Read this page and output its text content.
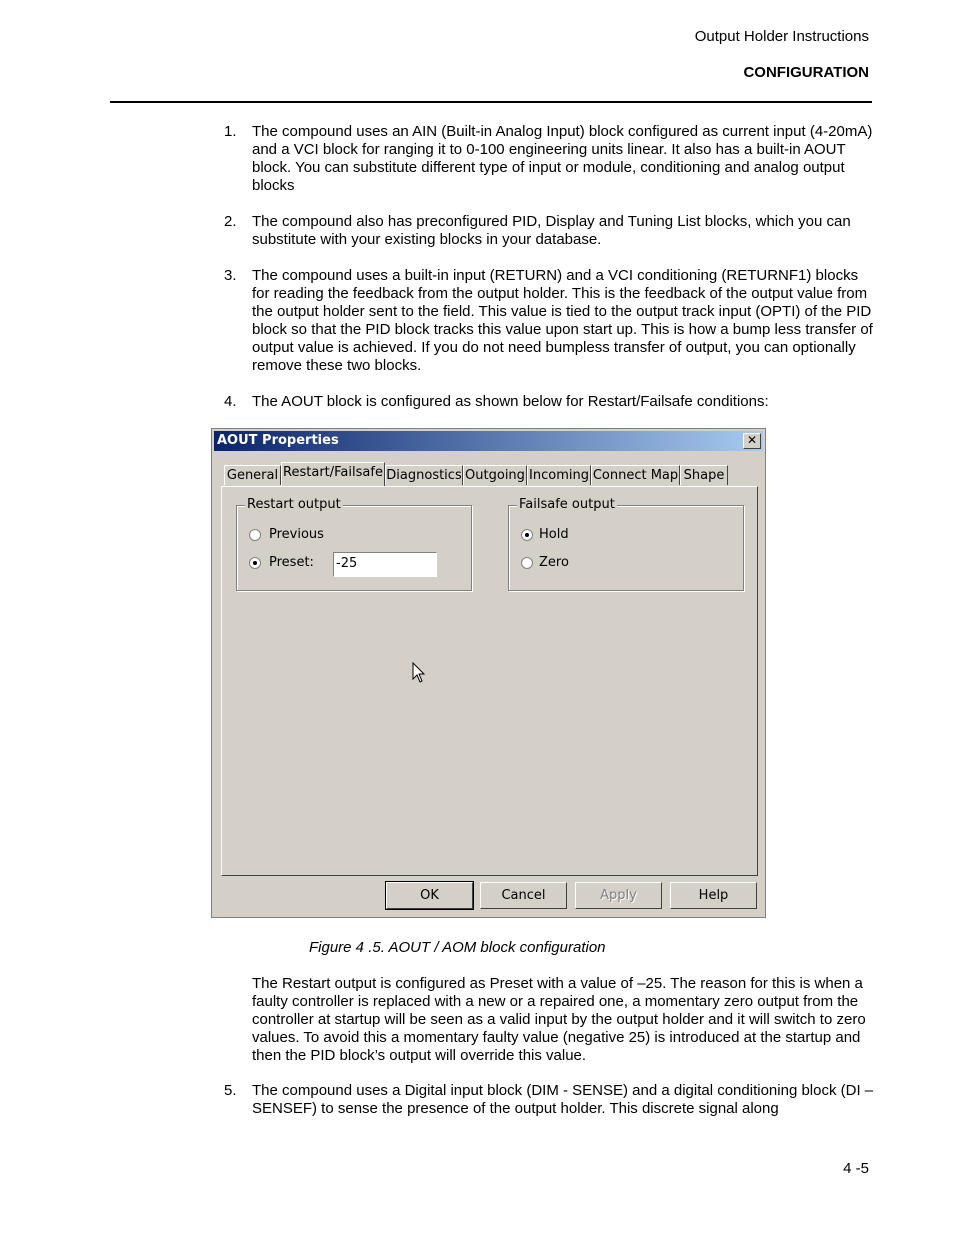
Output Holder Instructions
CONFIGURATION
1.	The compound uses an AIN (Built-in Analog Input) block configured as current input (4-20mA) and a VCI block for ranging it to 0-100 engineering units linear. It also has a built-in AOUT block. You can substitute different type of input or module, conditioning and analog output blocks
2.	The compound also has preconfigured PID, Display and Tuning List blocks, which you can substitute with your existing blocks in your database.
3.	The compound uses a built-in input (RETURN) and a VCI conditioning (RETURNF1) blocks for reading the feedback from the output holder. This is the feedback of the output value from the output holder sent to the field. This value is tied to the output track input (OPTI) of the PID block so that the PID block tracks this value upon start up. This is how a bump less transfer of output value is achieved. If you do not need bumpless transfer of output, you can optionally remove these two blocks.
4.	The AOUT block is configured as shown below for Restart/Failsafe conditions:
AOUT Properties	✕
General Restart/Failsafe Diagnostics Outgoing Incoming Connect Map Shape
Restart output
Previous
Preset: -25
Failsafe output
Hold
Zero
OK	Cancel	Apply	Help
Figure 4 .5. AOUT / AOM block configuration
The Restart output is configured as Preset with a value of –25. The reason for this is when a faulty controller is replaced with a new or a repaired one, a momentary zero output from the controller at startup will be seen as a valid input by the output holder and it will switch to zero values. To avoid this a momentary faulty value (negative 25) is introduced at the startup and then the PID block’s output will override this value.
5.	The compound uses a Digital input block (DIM - SENSE) and a digital conditioning block (DI – SENSEF) to sense the presence of the output holder. This discrete signal along
4 -5
